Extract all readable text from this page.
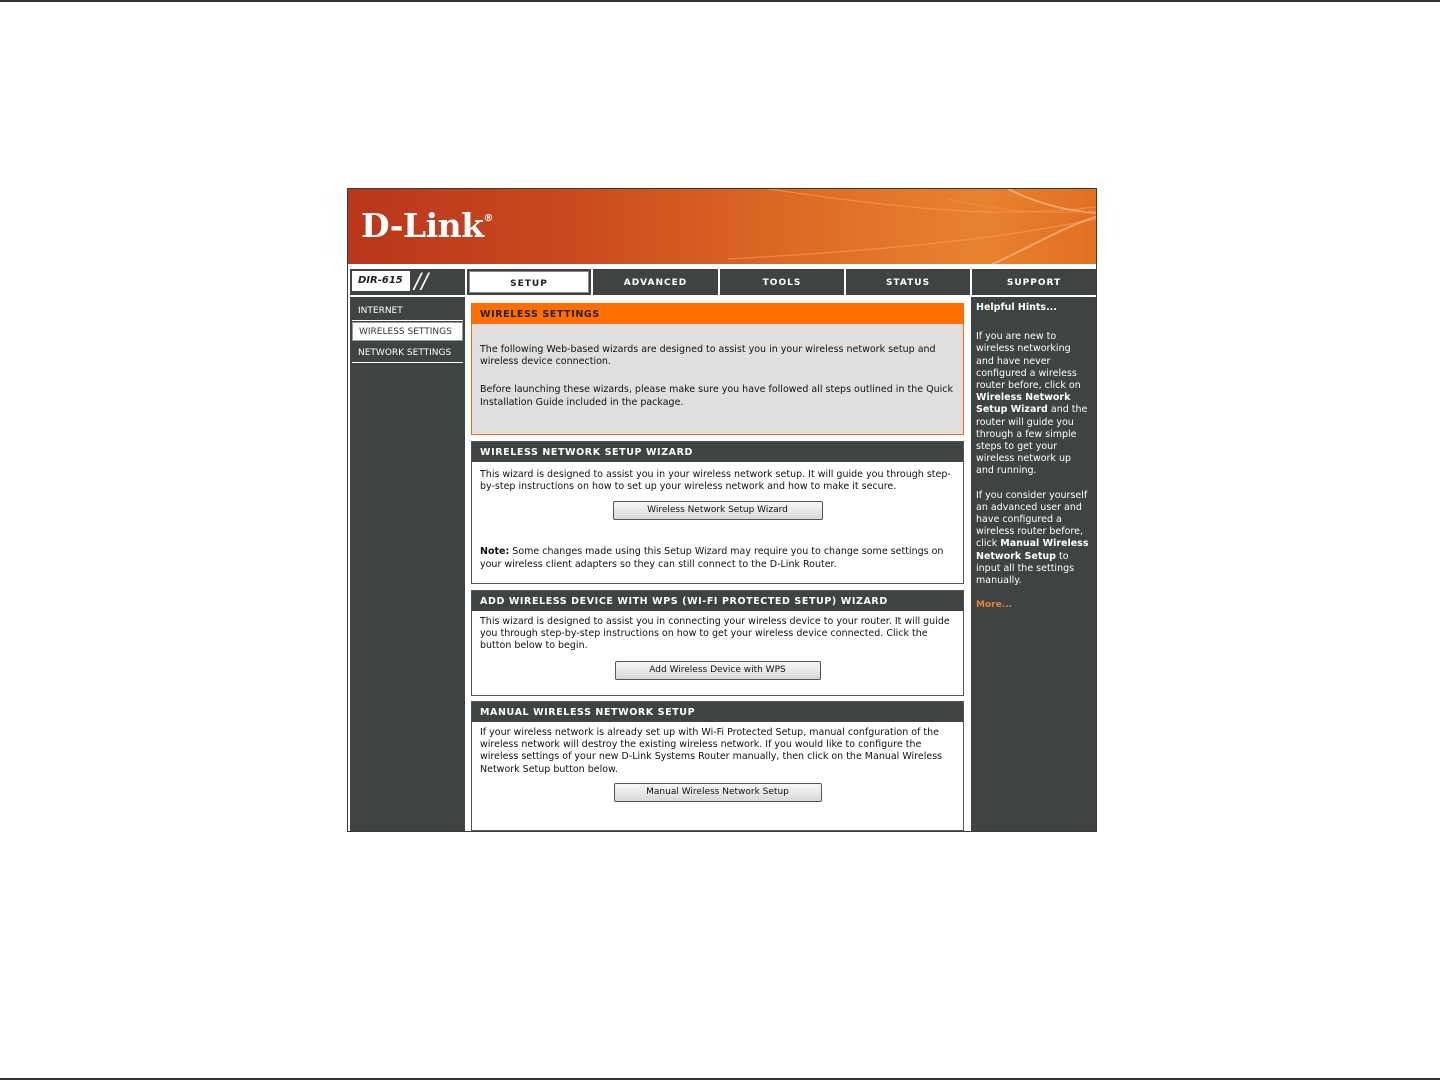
D-Link®
DIR-615 //	SETUP	ADVANCED	TOOLS	STATUS	SUPPORT
INTERNET
WIRELESS SETTINGS
NETWORK SETTINGS
WIRELESS SETTINGS

The following Web-based wizards are designed to assist you in your wireless network setup and wireless device connection.

Before launching these wizards, please make sure you have followed all steps outlined in the Quick Installation Guide included in the package.

WIRELESS NETWORK SETUP WIZARD

This wizard is designed to assist you in your wireless network setup. It will guide you through step-by-step instructions on how to set up your wireless network and how to make it secure.

Wireless Network Setup Wizard

Note: Some changes made using this Setup Wizard may require you to change some settings on your wireless client adapters so they can still connect to the D-Link Router.

ADD WIRELESS DEVICE WITH WPS (WI-FI PROTECTED SETUP) WIZARD

This wizard is designed to assist you in connecting your wireless device to your router. It will guide you through step-by-step instructions on how to get your wireless device connected. Click the button below to begin.

Add Wireless Device with WPS
MANUAL WIRELESS NETWORK SETUP

If your wireless network is already set up with Wi-Fi Protected Setup, manual confguration of the wireless network will destroy the existing wireless network. If you would like to configure the wireless settings of your new D-Link Systems Router manually, then click on the Manual Wireless Network Setup button below.

Manual Wireless Network Setup
Helpful Hints...

If you are new to wireless networking and have never configured a wireless router before, click on Wireless Network Setup Wizard and the router will guide you through a few simple steps to get your wireless network up and running.

If you consider yourself an advanced user and have configured a wireless router before, click Manual Wireless Network Setup to input all the settings manually.

More...
